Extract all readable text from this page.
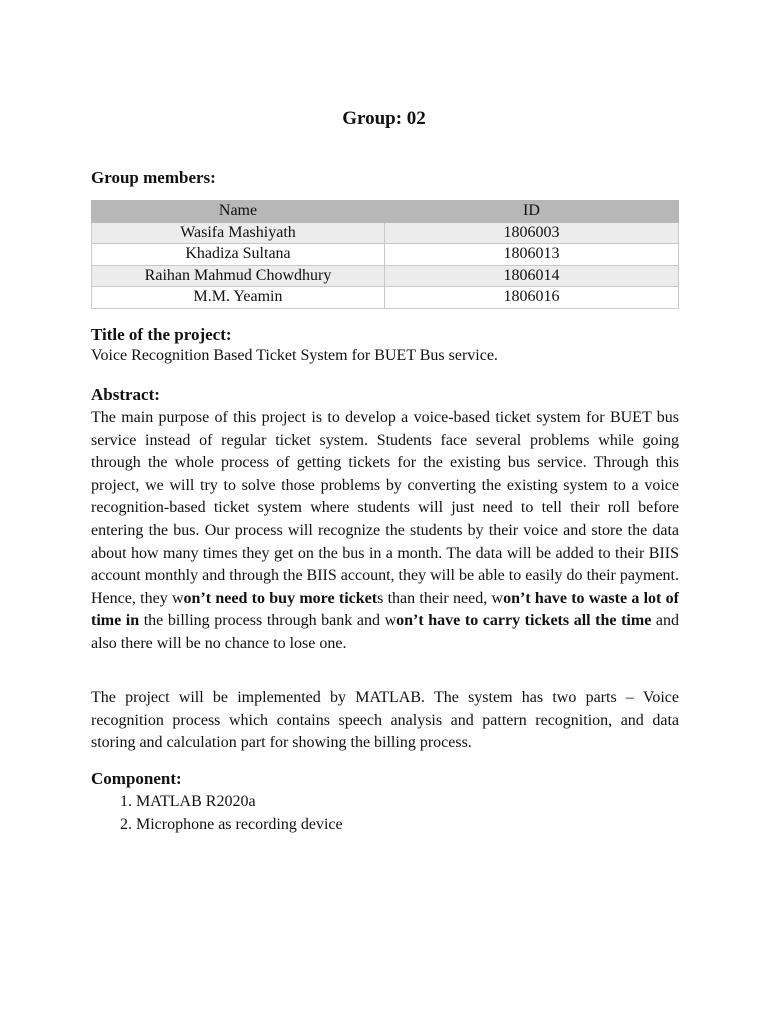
Group: 02
Group members:
Name	ID
Wasifa Mashiyath	1806003
Khadiza Sultana	1806013
Raihan Mahmud Chowdhury	1806014
M.M. Yeamin	1806016
Title of the project:
Voice Recognition Based Ticket System for BUET Bus service.
Abstract:

The main purpose of this project is to develop a voice-based ticket system for BUET bus service instead of regular ticket system. Students face several problems while going through the whole process of getting tickets for the existing bus service. Through this project, we will try to solve those problems by converting the existing system to a voice recognition-based ticket system where students will just need to tell their roll before entering the bus. Our process will recognize the students by their voice and store the data about how many times they get on the bus in a month. The data will be added to their BIIS account monthly and through the BIIS account, they will be able to easily do their payment. Hence, they won’t need to buy more tickets than their need, won’t have to waste a lot of time in the billing process through bank and won’t have to carry tickets all the time and also there will be no chance to lose one.

The project will be implemented by MATLAB. The system has two parts – Voice recognition process which contains speech analysis and pattern recognition, and data storing and calculation part for showing the billing process.

Component:
1. MATLAB R2020a
2. Microphone as recording device
